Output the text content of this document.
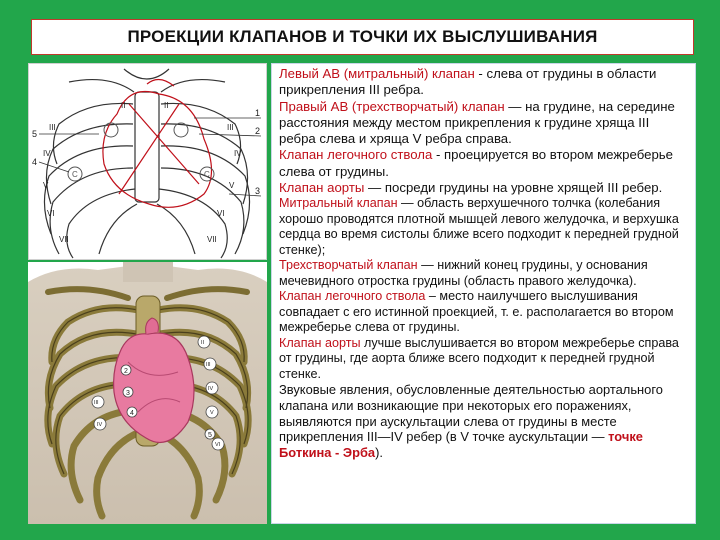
ПРОЕКЦИИ КЛАПАНОВ И ТОЧКИ ИХ ВЫСЛУШИВАНИЯ
C	C
5
4
1
2
3
II
III
IV
V
VI
VII
II
III
IV
V
VI
VII
2
3
4
5
II
III
IV
V
VI
III
IV

Левый АВ (митральный) клапан - слева от грудины в области прикрепления III ребра.

Правый АВ (трехстворчатый) клапан — на грудине, на середине расстояния между местом прикрепления к грудине хряща III ребра слева и хряща V ребра справа.

Клапан легочного ствола - проецируется во втором межреберье слева от грудины.

Клапан аорты — посреди грудины на уровне хрящей III ребер.

Митральный клапан — область верхушечного толчка (колебания хорошо проводятся плотной мышцей левого желудочка, и верхушка сердца во время систолы ближе всего подходит к передней грудной стенке);

Трехстворчатый клапан — нижний конец грудины, у основания мечевидного отростка грудины (область правого желудочка).

Клапан легочного ствола – место наилучшего выслушивания совпадает с его истинной проекцией, т. е. располагается во втором межреберье слева от грудины.

Клапан аорты лучше выслушивается во втором межреберье справа от грудины, где аорта ближе всего подходит к передней грудной стенке.

Звуковые явления, обусловленные деятельностью аортального клапана или возникающие при некоторых его поражениях, выявляются при аускультации слева от грудины в месте прикрепления III—IV ребер (в V точке аускультации — точке Боткина - Эрба).
